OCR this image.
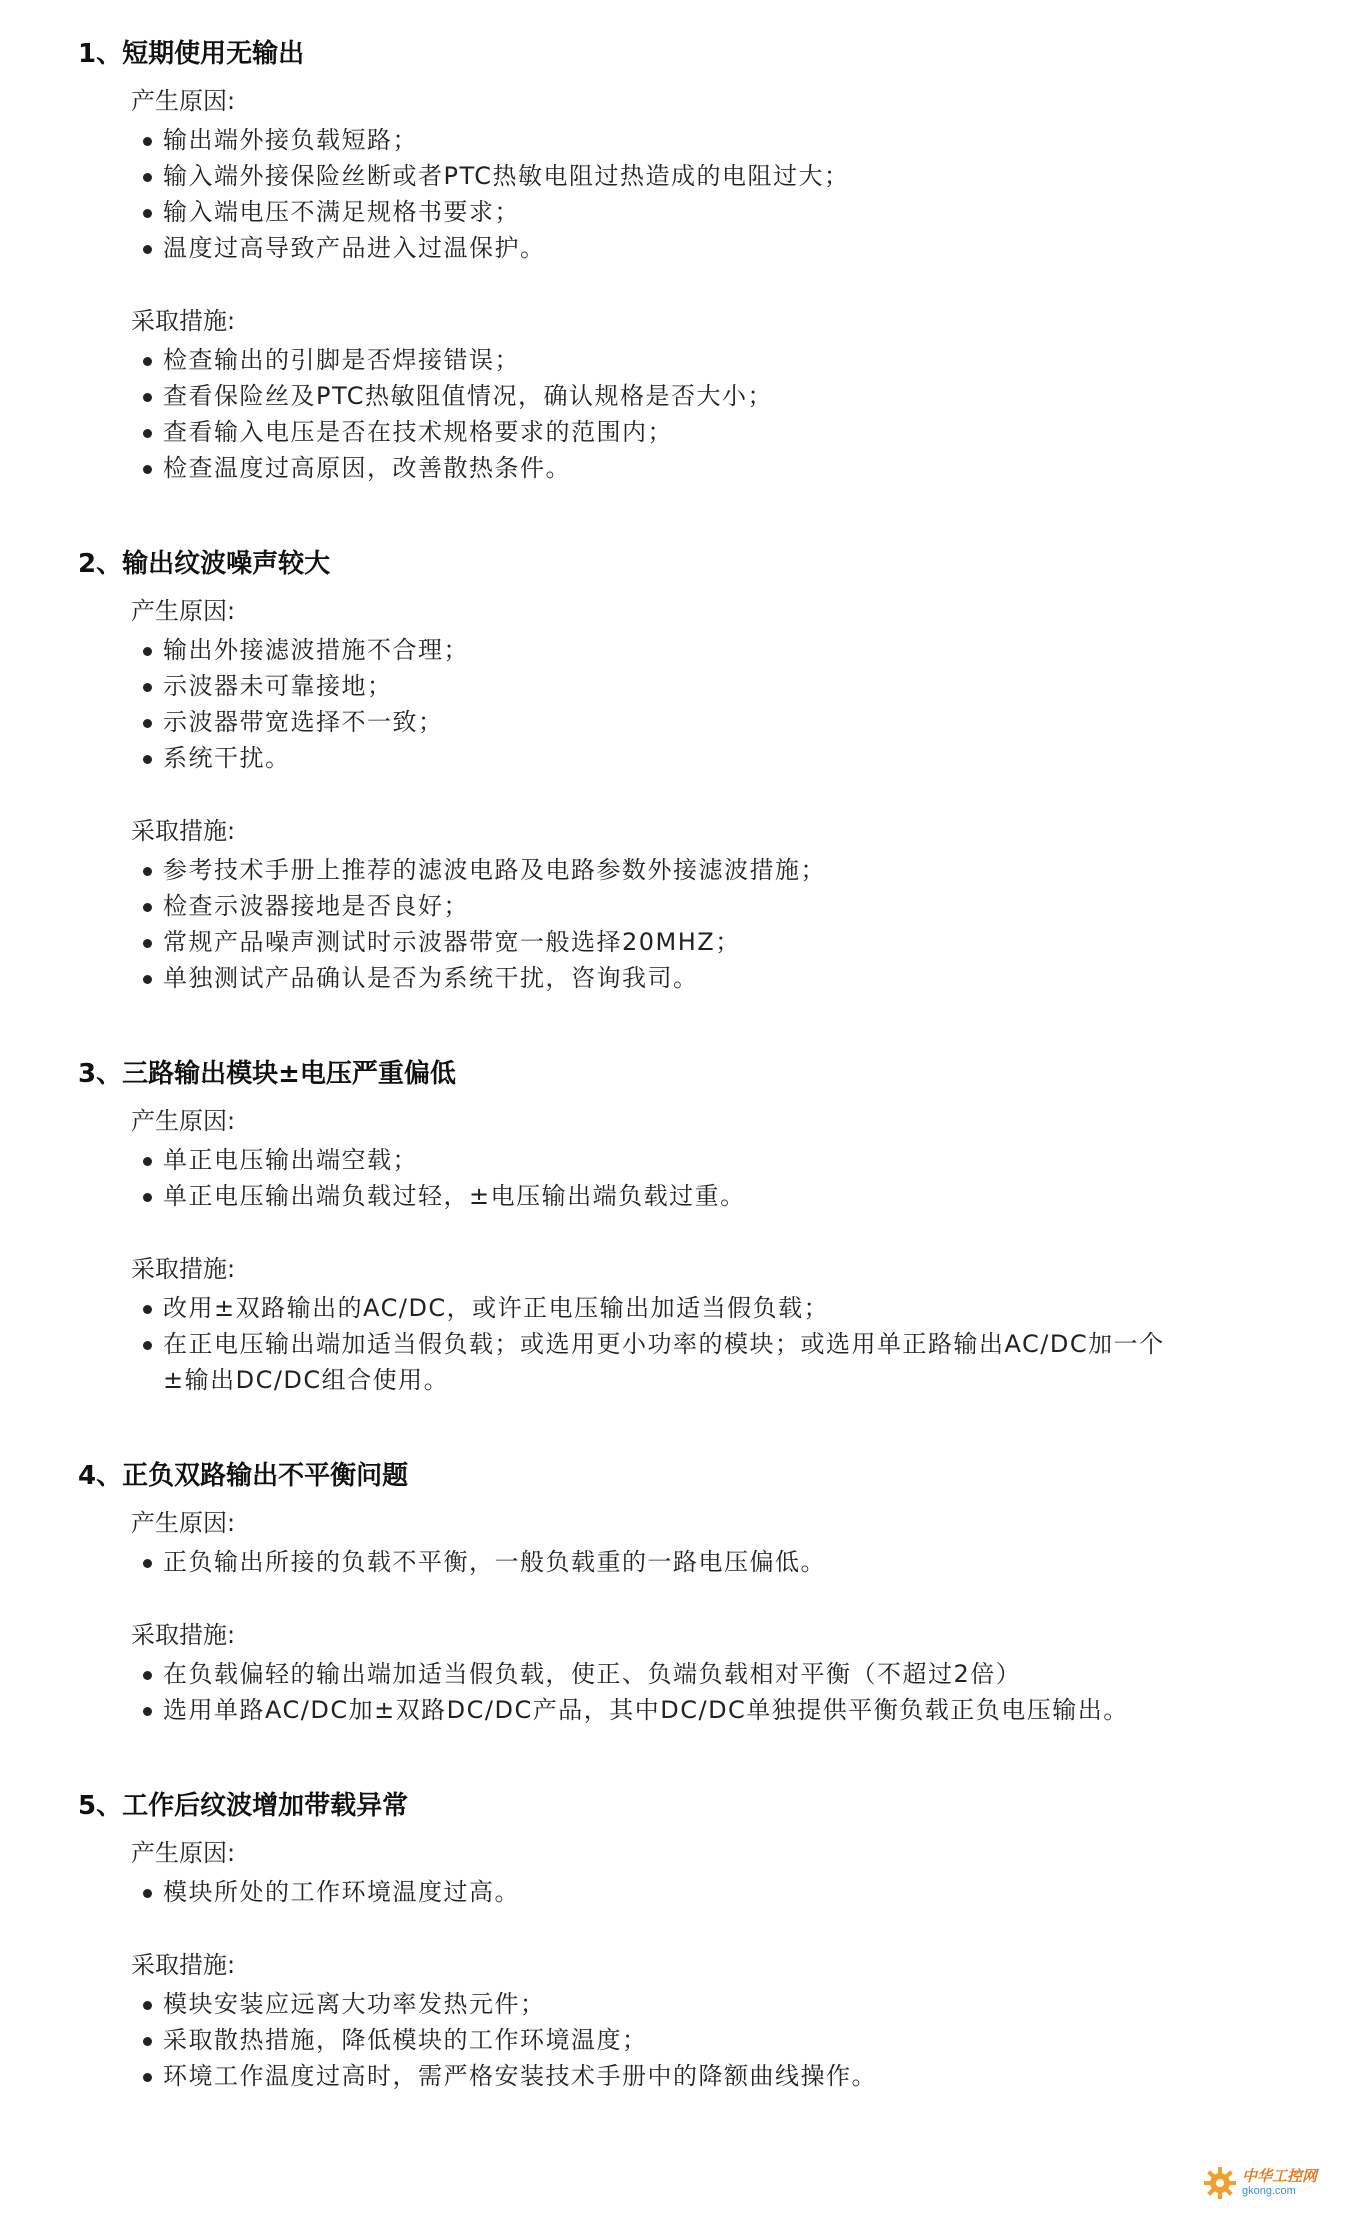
1、 短期使用无输出
产生原因:
输出端外接负载短路；
输入端外接保险丝断或者PTC热敏电阻过热造成的电阻过大；
输入端电压不满足规格书要求；
温度过高导致产品进入过温保护。
采取措施:
检查输出的引脚是否焊接错误；
查看保险丝及PTC热敏阻值情况，确认规格是否大小；
查看输入电压是否在技术规格要求的范围内；
检查温度过高原因，改善散热条件。
2、 输出纹波噪声较大
产生原因:
输出外接滤波措施不合理；
示波器未可靠接地；
示波器带宽选择不一致；
系统干扰。
采取措施:
参考技术手册上推荐的滤波电路及电路参数外接滤波措施；
检查示波器接地是否良好；
常规产品噪声测试时示波器带宽一般选择20MHZ；
单独测试产品确认是否为系统干扰，咨询我司。
3、 三路输出模块±电压严重偏低
产生原因:
单正电压输出端空载；
单正电压输出端负载过轻，±电压输出端负载过重。
采取措施:
改用±双路输出的AC/DC，或许正电压输出加适当假负载；
在正电压输出端加适当假负载；或选用更小功率的模块；或选用单正路输出AC/DC加一个±输出DC/DC组合使用。
4、 正负双路输出不平衡问题
产生原因:
正负输出所接的负载不平衡，一般负载重的一路电压偏低。
采取措施:
在负载偏轻的输出端加适当假负载，使正、负端负载相对平衡（不超过2倍）
选用单路AC/DC加±双路DC/DC产品，其中DC/DC单独提供平衡负载正负电压输出。
5、 工作后纹波增加带载异常
产生原因:
模块所处的工作环境温度过高。
采取措施:
模块安装应远离大功率发热元件；
采取散热措施，降低模块的工作环境温度；
环境工作温度过高时，需严格安装技术手册中的降额曲线操作。
中华工控网
gkong.com
